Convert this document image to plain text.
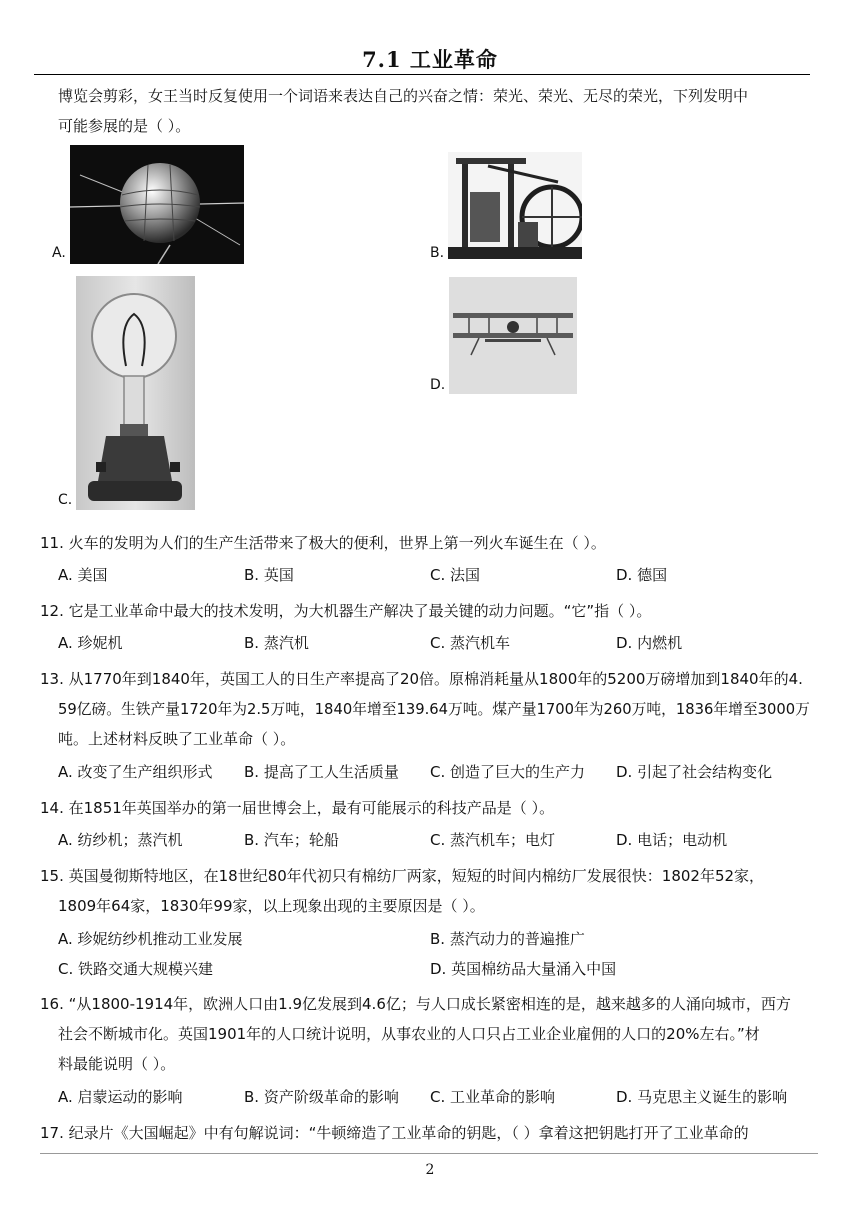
7.1 工业革命
博览会剪彩，女王当时反复使用一个词语来表达自己的兴奋之情：荣光、荣光、无尽的荣光，下列发明中
可能参展的是（ ）。
A.	B.
C.
D.
11. 火车的发明为人们的生产生活带来了极大的便利，世界上第一列火车诞生在（ ）。
A. 美国	B. 英国	C. 法国	D. 德国
12. 它是工业革命中最大的技术发明，为大机器生产解决了最关键的动力问题。“它”指（ ）。
A. 珍妮机	B. 蒸汽机	C. 蒸汽机车	D. 内燃机
13. 从1770年到1840年，英国工人的日生产率提高了20倍。原棉消耗量从1800年的5200万磅增加到1840年的4.
59亿磅。生铁产量1720年为2.5万吨，1840年增至139.64万吨。煤产量1700年为260万吨，1836年增至3000万
吨。上述材料反映了工业革命（ ）。
A. 改变了生产组织形式 B. 提高了工人生活质量 C. 创造了巨大的生产力 D. 引起了社会结构变化
14. 在1851年英国举办的第一届世博会上，最有可能展示的科技产品是（ ）。
A. 纺纱机；蒸汽机	B. 汽车；轮船	C. 蒸汽机车；电灯	D. 电话；电动机
15. 英国曼彻斯特地区，在18世纪80年代初只有棉纺厂两家，短短的时间内棉纺厂发展很快：1802年52家，
1809年64家，1830年99家，以上现象出现的主要原因是（ ）。
A. 珍妮纺纱机推动工业发展	B. 蒸汽动力的普遍推广
C. 铁路交通大规模兴建	D. 英国棉纺品大量涌入中国
16. “从1800-1914年，欧洲人口由1.9亿发展到4.6亿；与人口成长紧密相连的是，越来越多的人涌向城市，西方
社会不断城市化。英国1901年的人口统计说明，从事农业的人口只占工业企业雇佣的人口的20%左右。”材
料最能说明（ ）。
A. 启蒙运动的影响	B. 资产阶级革命的影响 C. 工业革命的影响	D. 马克思主义诞生的影响
17. 纪录片《大国崛起》中有句解说词：“牛顿缔造了工业革命的钥匙，（ ）拿着这把钥匙打开了工业革命的
2
